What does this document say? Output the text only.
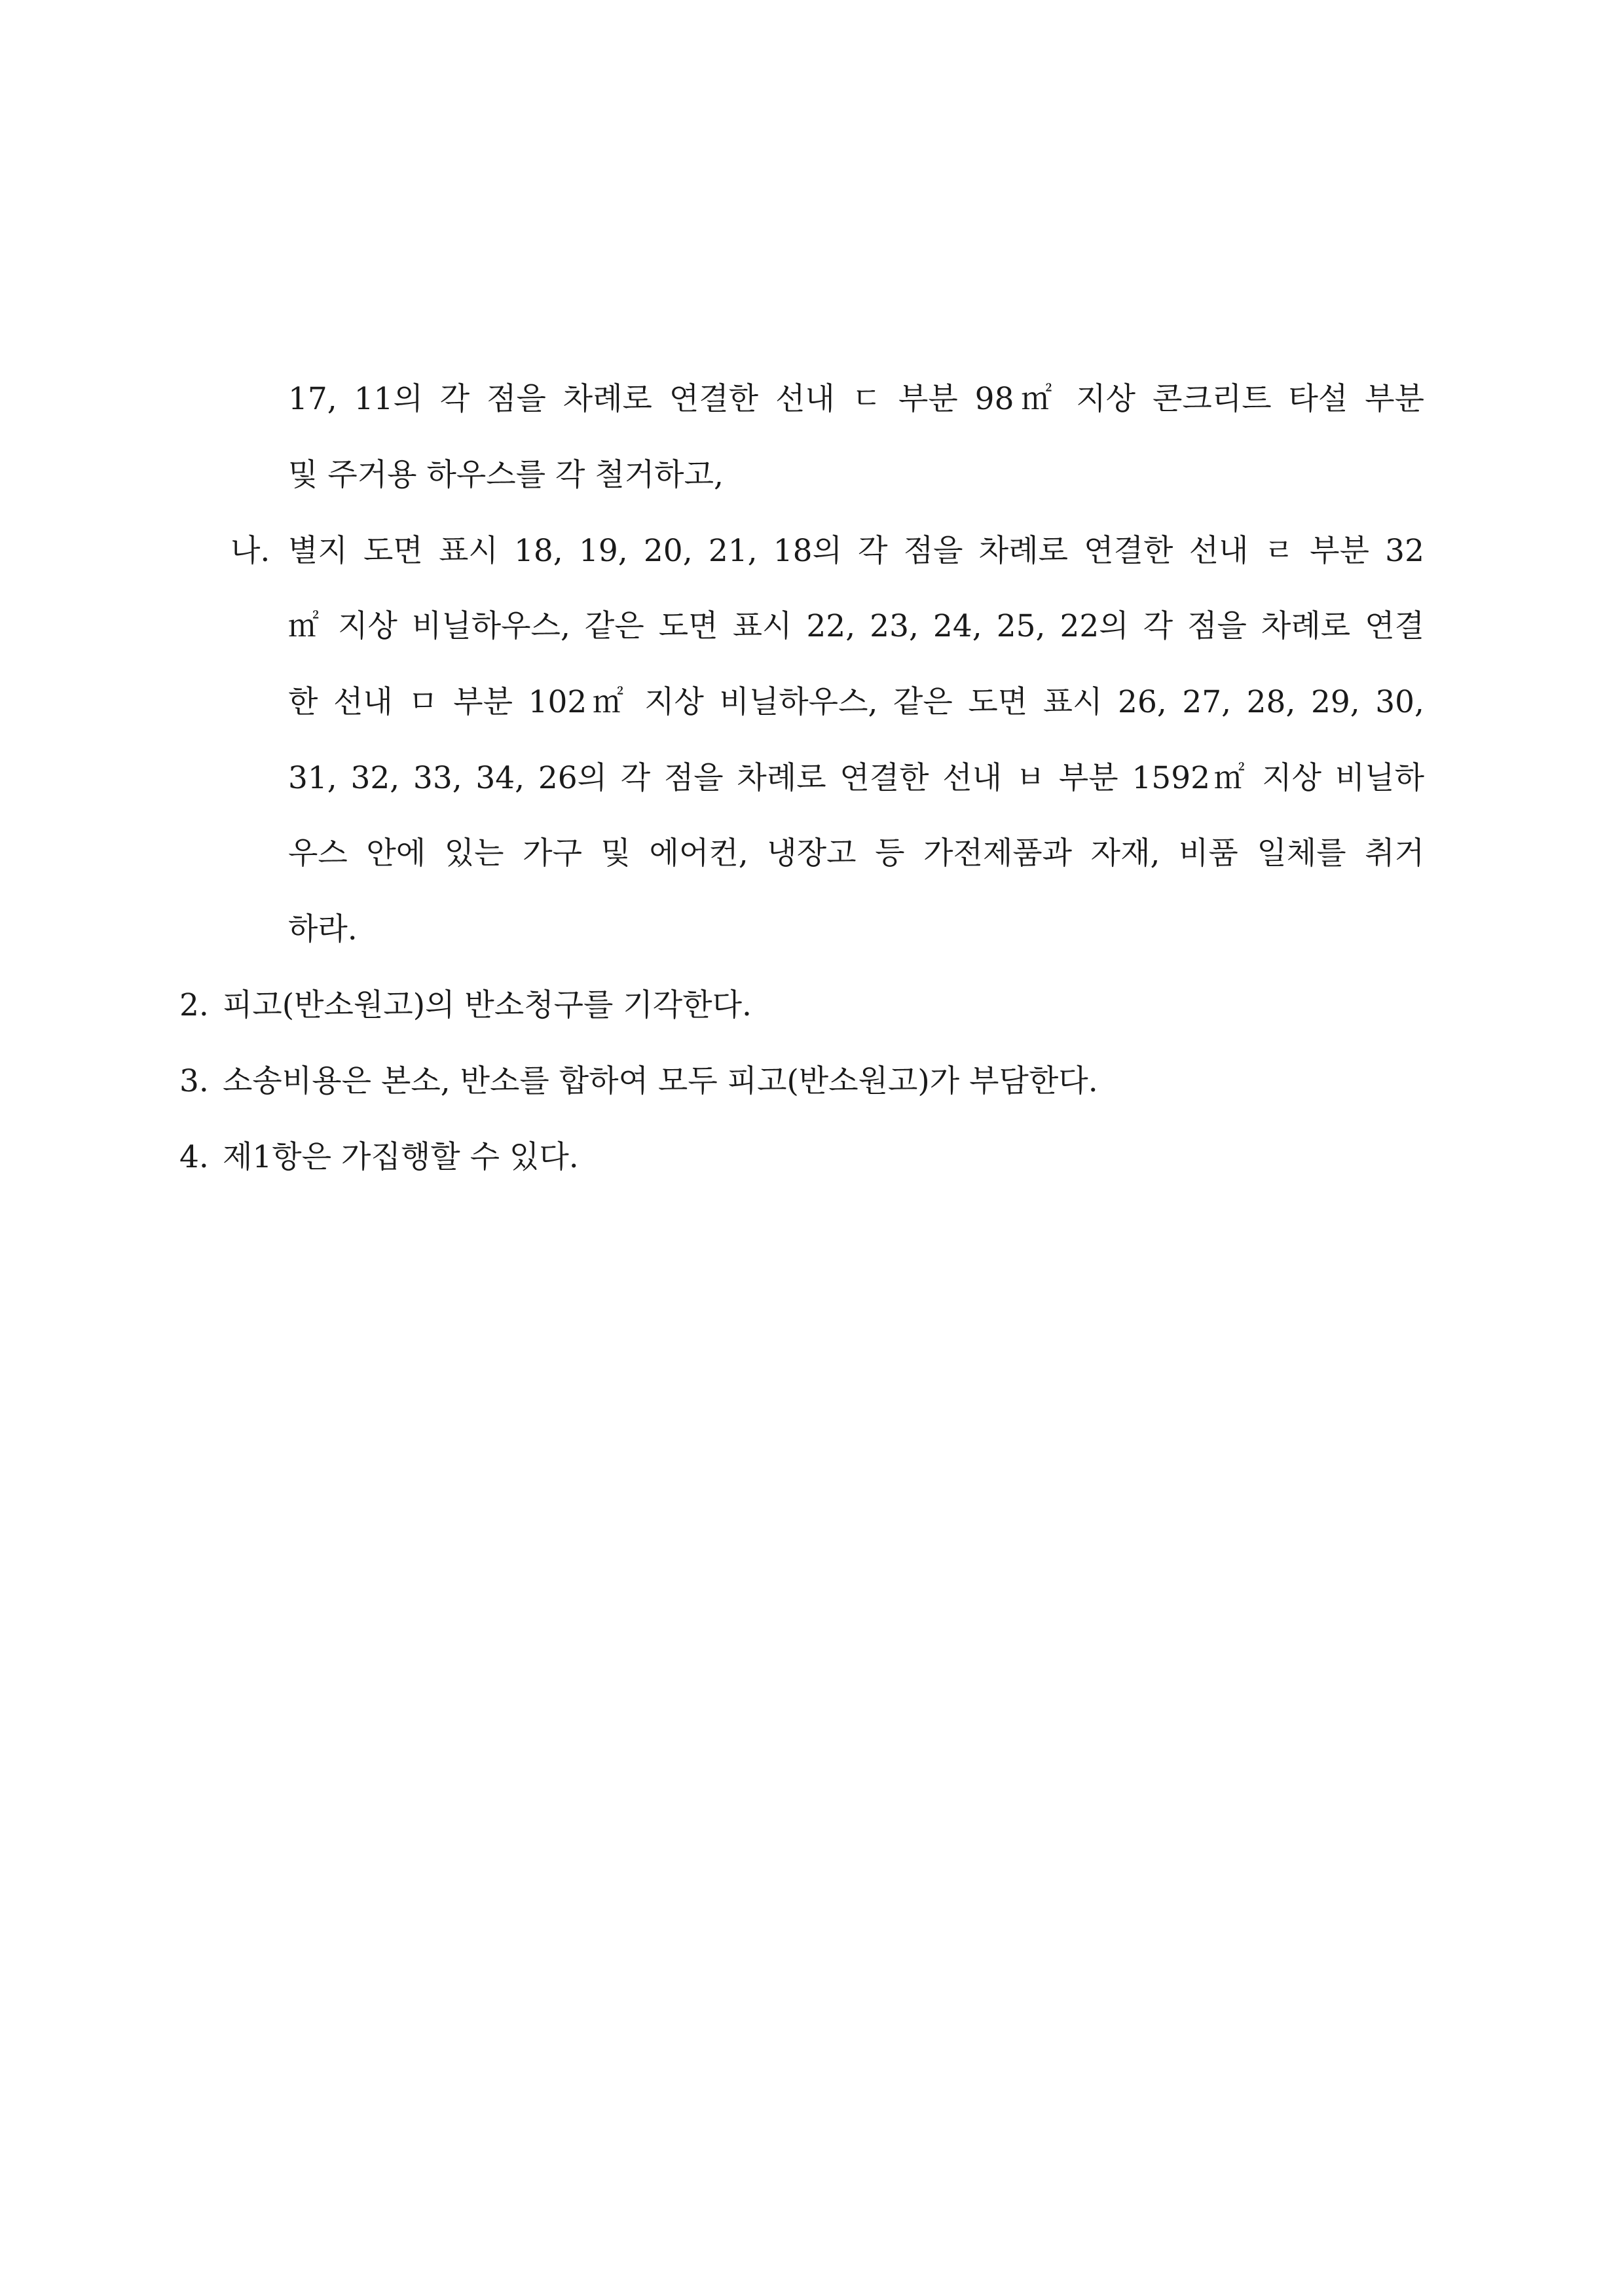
17, 11의 각 점을 차례로 연결한 선내 ㄷ 부분 98㎡ 지상 콘크리트 타설 부분

및 주거용 하우스를 각 철거하고,

나. 별지 도면 표시 18, 19, 20, 21, 18의 각 점을 차례로 연결한 선내 ㄹ 부분 32

㎡ 지상 비닐하우스, 같은 도면 표시 22, 23, 24, 25, 22의 각 점을 차례로 연결

한 선내 ㅁ 부분 102㎡ 지상 비닐하우스, 같은 도면 표시 26, 27, 28, 29, 30,

31, 32, 33, 34, 26의 각 점을 차례로 연결한 선내 ㅂ 부분 1592㎡ 지상 비닐하

우스 안에 있는 가구 및 에어컨, 냉장고 등 가전제품과 자재, 비품 일체를 취거

하라.

2. 피고(반소원고)의 반소청구를 기각한다.

3. 소송비용은 본소, 반소를 합하여 모두 피고(반소원고)가 부담한다.

4. 제1항은 가집행할 수 있다.
